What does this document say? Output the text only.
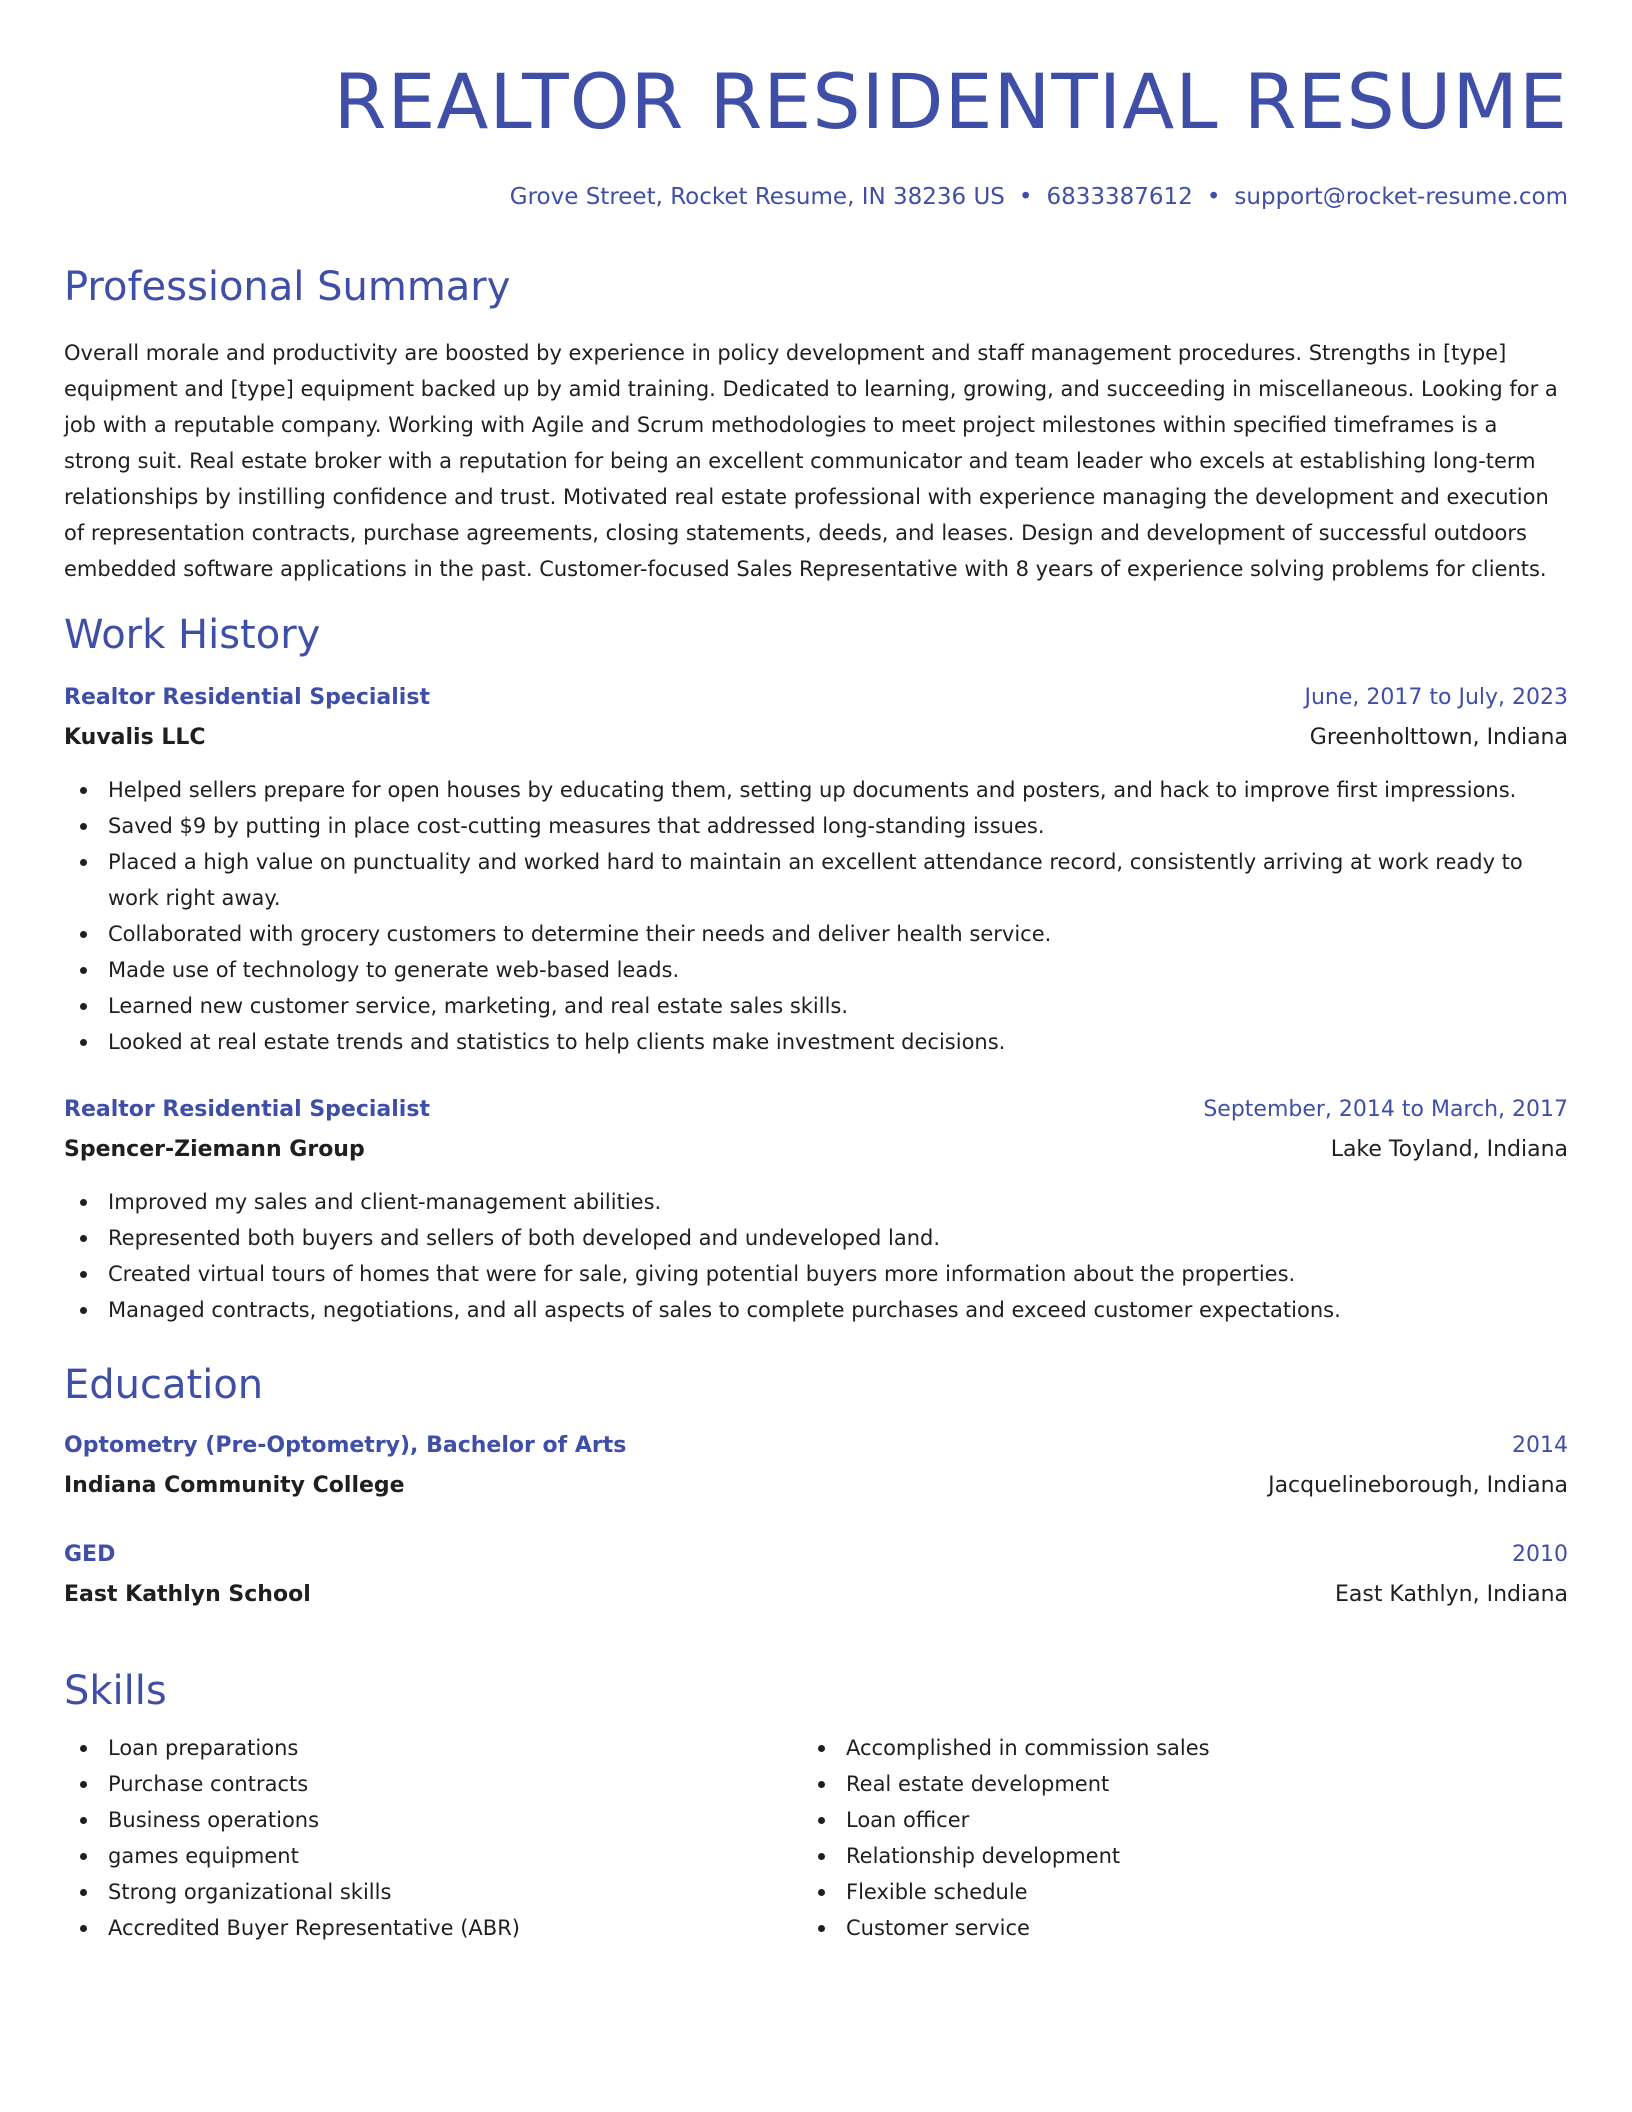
REALTOR RESIDENTIAL RESUME
Grove Street, Rocket Resume, IN 38236 US • 6833387612 • support@rocket-resume.com
Professional Summary

Overall morale and productivity are boosted by experience in policy development and staff management procedures. Strengths in [type] equipment and [type] equipment backed up by amid training. Dedicated to learning, growing, and succeeding in miscellaneous. Looking for a job with a reputable company. Working with Agile and Scrum methodologies to meet project milestones within specified timeframes is a strong suit. Real estate broker with a reputation for being an excellent communicator and team leader who excels at establishing long-term relationships by instilling confidence and trust. Motivated real estate professional with experience managing the development and execution of representation contracts, purchase agreements, closing statements, deeds, and leases. Design and development of successful outdoors embedded software applications in the past. Customer-focused Sales Representative with 8 years of experience solving problems for clients.

Work History
Realtor Residential Specialist	June, 2017 to July, 2023
Kuvalis LLC	Greenholttown, Indiana
Helped sellers prepare for open houses by educating them, setting up documents and posters, and hack to improve first impressions.
Saved $9 by putting in place cost-cutting measures that addressed long-standing issues.
Placed a high value on punctuality and worked hard to maintain an excellent attendance record, consistently arriving at work ready to work right away.
Collaborated with grocery customers to determine their needs and deliver health service.
Made use of technology to generate web-based leads.
Learned new customer service, marketing, and real estate sales skills.
Looked at real estate trends and statistics to help clients make investment decisions.
Realtor Residential Specialist	September, 2014 to March, 2017
Spencer-Ziemann Group	Lake Toyland, Indiana
Improved my sales and client-management abilities.
Represented both buyers and sellers of both developed and undeveloped land.
Created virtual tours of homes that were for sale, giving potential buyers more information about the properties.
Managed contracts, negotiations, and all aspects of sales to complete purchases and exceed customer expectations.
Education
Optometry (Pre-Optometry), Bachelor of Arts	2014
Indiana Community College	Jacquelineborough, Indiana
GED	2010
East Kathlyn School	East Kathlyn, Indiana
Skills
Loan preparations
Purchase contracts
Business operations
games equipment
Strong organizational skills
Accredited Buyer Representative (ABR)
Accomplished in commission sales
Real estate development
Loan officer
Relationship development
Flexible schedule
Customer service
